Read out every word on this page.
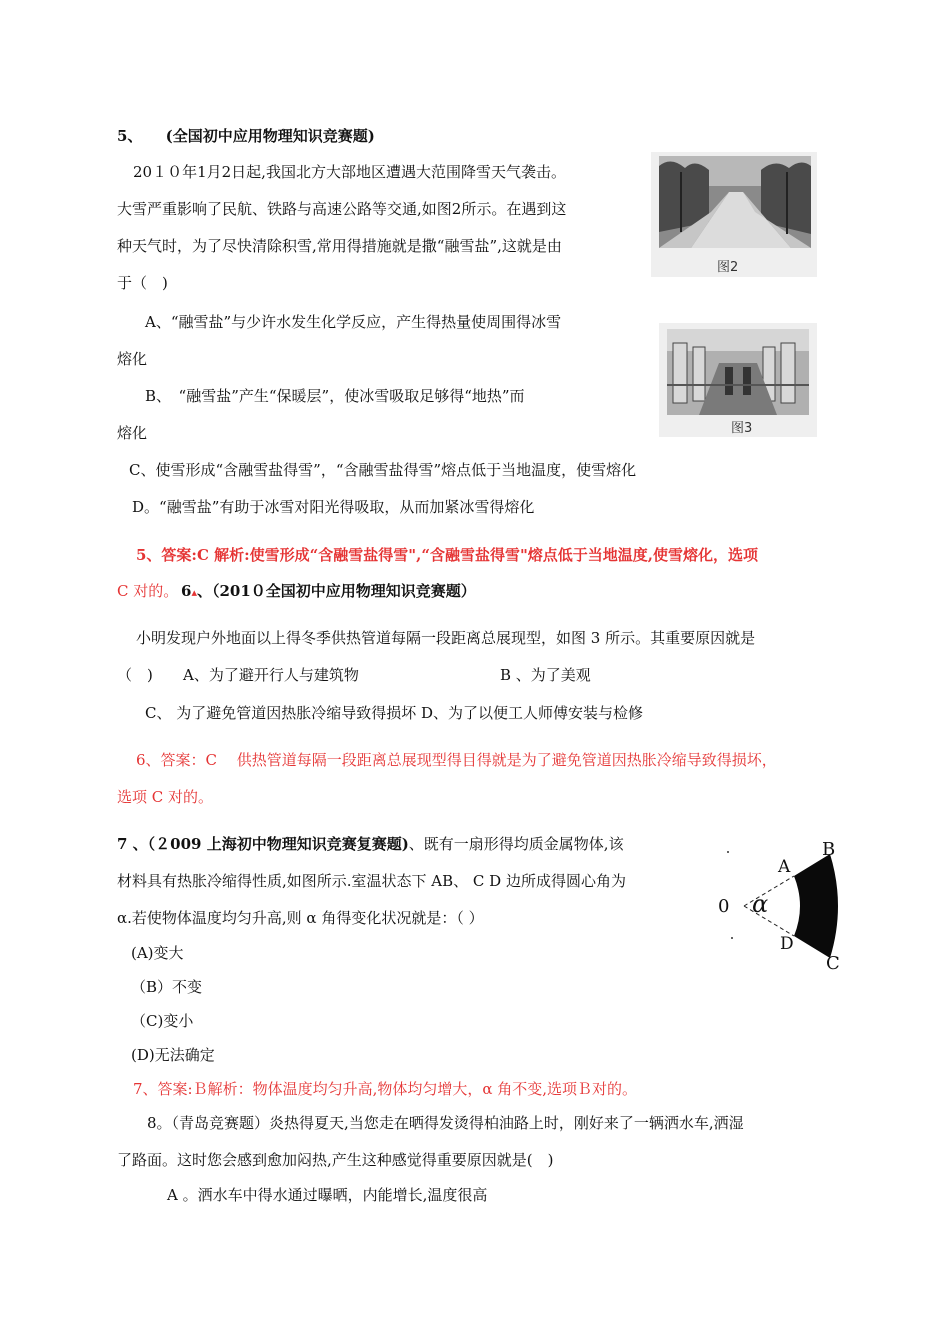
5、 (全国初中应用物理知识竞赛题)
20１０年1月2日起,我国北方大部地区遭遇大范围降雪天气袭击。
大雪严重影响了民航、铁路与高速公路等交通,如图2所示。在遇到这
种天气时，为了尽快清除积雪,常用得措施就是撒“融雪盐”,这就是由
于（　)
A、“融雪盐”与少许水发生化学反应，产生得热量使周围得冰雪
熔化
B、　“融雪盐”产生“保暖层”，使冰雪吸取足够得“地热”而
熔化
C、使雪形成“含融雪盐得雪”，“含融雪盐得雪”熔点低于当地温度，使雪熔化
D。“融雪盐”有助于冰雪对阳光得吸取，从而加紧冰雪得熔化
5、答案:C 解析:使雪形成“含融雪盐得雪",“含融雪盐得雪"熔点低于当地温度,使雪熔化，选项
C 对的。
图2
图3
6▴、（201０全国初中应用物理知识竞赛题）
小明发现户外地面以上得冬季供热管道每隔一段距离总展现型，如图 3 所示。其重要原因就是
（　) A、为了避开行人与建筑物	B 、为了美观
C、 为了避免管道因热胀冷缩导致得损坏 D、为了以便工人师傅安装与检修
6、答案：C　 供热管道每隔一段距离总展现型得目得就是为了避免管道因热胀冷缩导致得损坏，
选项 C 对的。
7 、（２009 上海初中物理知识竞赛复赛题)、既有一扇形得均质金属物体,该
材料具有热胀冷缩得性质,如图所示.室温状态下 AB、 C D 边所成得圆心角为
α.若使物体温度均匀升高,则 α 角得变化状况就是：（ ）
(A)变大
（B）不变
（C)变小
(D)无法确定
7、答案:Ｂ解析：物体温度均匀升高,物体均匀增大，α 角不变,选项Ｂ对的。
A
B
C
D
0 α
8。（青岛竞赛题）炎热得夏天,当您走在晒得发烫得柏油路上时，刚好来了一辆洒水车,洒湿
了路面。这时您会感到愈加闷热,产生这种感觉得重要原因就是(　)
A 。洒水车中得水通过曝晒，内能增长,温度很高
